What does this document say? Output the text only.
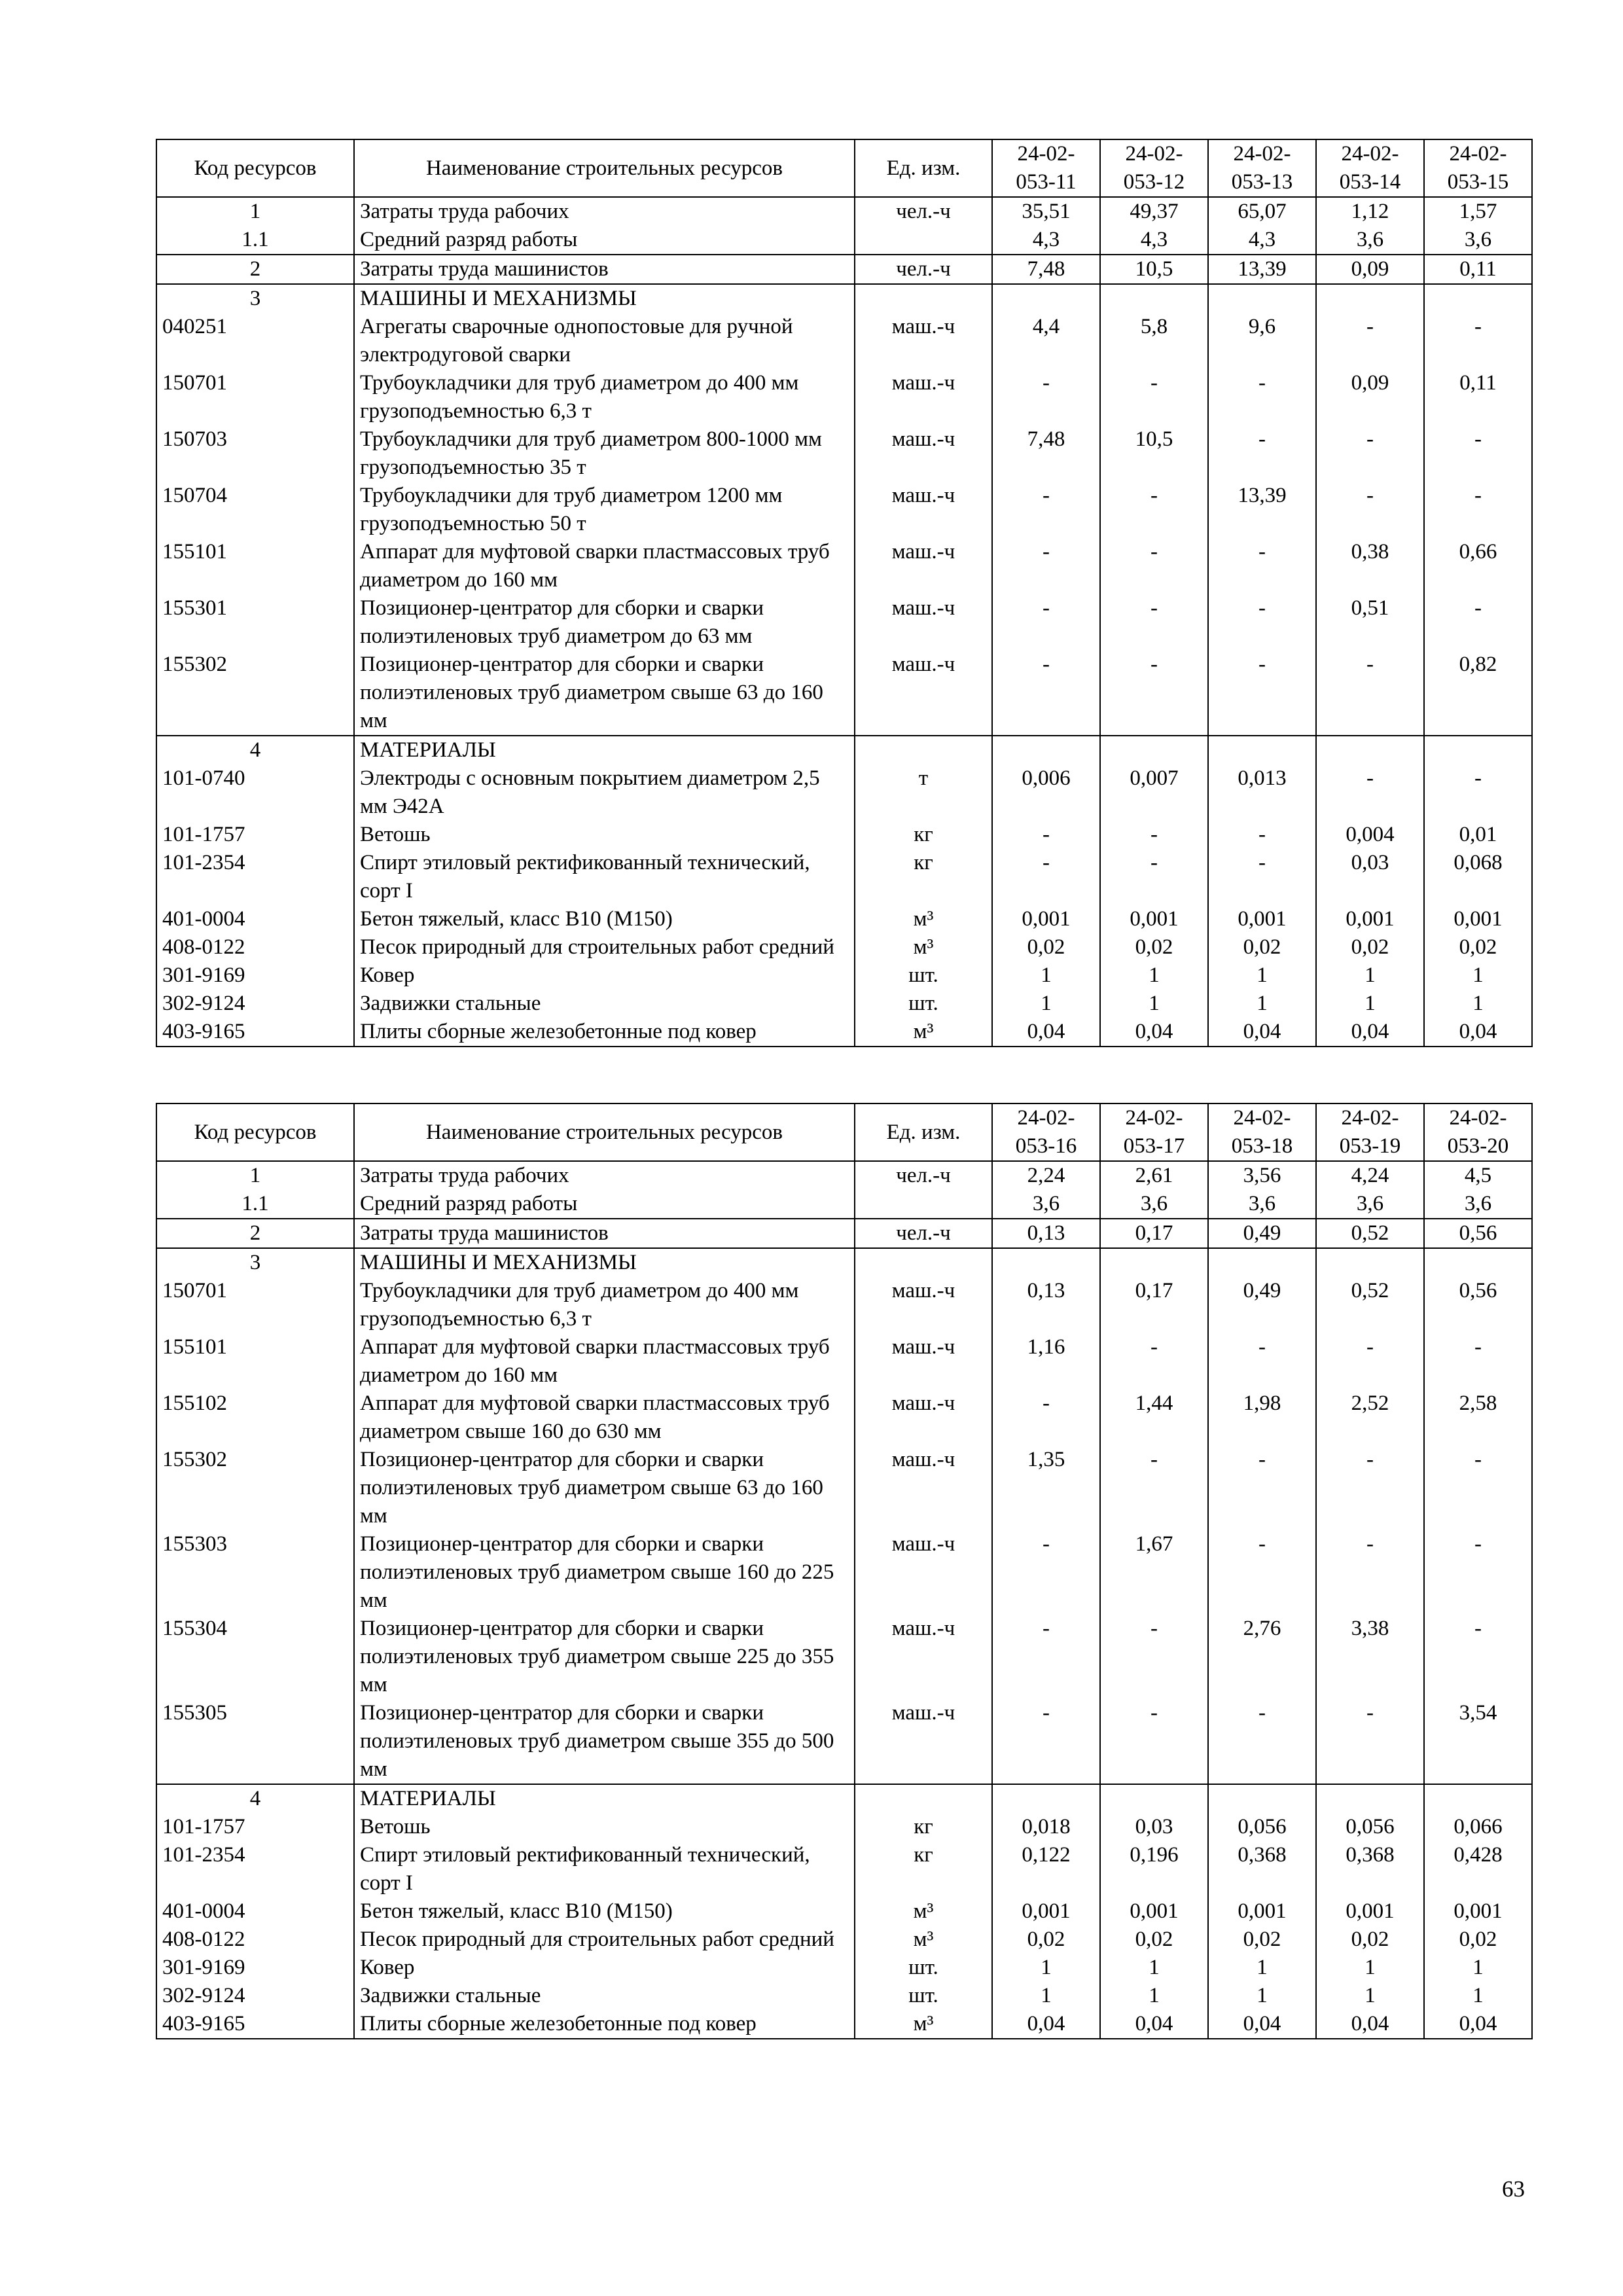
Код ресурсов	Наименование строительных ресурсов	Ед. изм.	24-02-053-11	24-02-053-12	24-02-053-13	24-02-053-14	24-02-053-15
1	Затраты труда рабочих	чел.-ч	35,51	49,37	65,07	1,12	1,57
1.1	Средний разряд работы		4,3	4,3	4,3	3,6	3,6
2	Затраты труда машинистов	чел.-ч	7,48	10,5	13,39	0,09	0,11
3	МАШИНЫ И МЕХАНИЗМЫ						
040251	Агрегаты сварочные однопостовые для ручной электродуговой сварки	маш.-ч	4,4	5,8	9,6	-	-
150701	Трубоукладчики для труб диаметром до 400 мм грузоподъемностью 6,3 т	маш.-ч	-	-	-	0,09	0,11
150703	Трубоукладчики для труб диаметром 800-1000 мм грузоподъемностью 35 т	маш.-ч	7,48	10,5	-	-	-
150704	Трубоукладчики для труб диаметром 1200 мм грузоподъемностью 50 т	маш.-ч	-	-	13,39	-	-
155101	Аппарат для муфтовой сварки пластмассовых труб диаметром до 160 мм	маш.-ч	-	-	-	0,38	0,66
155301	Позиционер-центратор для сборки и сварки полиэтиленовых труб диаметром до 63 мм	маш.-ч	-	-	-	0,51	-
155302	Позиционер-центратор для сборки и сварки полиэтиленовых труб диаметром свыше 63 до 160 мм	маш.-ч	-	-	-	-	0,82
4	МАТЕРИАЛЫ						
101-0740	Электроды с основным покрытием диаметром 2,5 мм Э42А	т	0,006	0,007	0,013	-	-
101-1757	Ветошь	кг	-	-	-	0,004	0,01
101-2354	Спирт этиловый ректификованный технический, сорт I	кг	-	-	-	0,03	0,068
401-0004	Бетон тяжелый, класс В10 (М150)	м³	0,001	0,001	0,001	0,001	0,001
408-0122	Песок природный для строительных работ средний	м³	0,02	0,02	0,02	0,02	0,02
301-9169	Ковер	шт.	1	1	1	1	1
302-9124	Задвижки стальные	шт.	1	1	1	1	1
403-9165	Плиты сборные железобетонные под ковер	м³	0,04	0,04	0,04	0,04	0,04
Код ресурсов	Наименование строительных ресурсов	Ед. изм.	24-02-053-16	24-02-053-17	24-02-053-18	24-02-053-19	24-02-053-20
1	Затраты труда рабочих	чел.-ч	2,24	2,61	3,56	4,24	4,5
1.1	Средний разряд работы		3,6	3,6	3,6	3,6	3,6
2	Затраты труда машинистов	чел.-ч	0,13	0,17	0,49	0,52	0,56
3	МАШИНЫ И МЕХАНИЗМЫ						
150701	Трубоукладчики для труб диаметром до 400 мм грузоподъемностью 6,3 т	маш.-ч	0,13	0,17	0,49	0,52	0,56
155101	Аппарат для муфтовой сварки пластмассовых труб диаметром до 160 мм	маш.-ч	1,16	-	-	-	-
155102	Аппарат для муфтовой сварки пластмассовых труб диаметром свыше 160 до 630 мм	маш.-ч	-	1,44	1,98	2,52	2,58
155302	Позиционер-центратор для сборки и сварки полиэтиленовых труб диаметром свыше 63 до 160 мм	маш.-ч	1,35	-	-	-	-
155303	Позиционер-центратор для сборки и сварки полиэтиленовых труб диаметром свыше 160 до 225 мм	маш.-ч	-	1,67	-	-	-
155304	Позиционер-центратор для сборки и сварки полиэтиленовых труб диаметром свыше 225 до 355 мм	маш.-ч	-	-	2,76	3,38	-
155305	Позиционер-центратор для сборки и сварки полиэтиленовых труб диаметром свыше 355 до 500 мм	маш.-ч	-	-	-	-	3,54
4	МАТЕРИАЛЫ						
101-1757	Ветошь	кг	0,018	0,03	0,056	0,056	0,066
101-2354	Спирт этиловый ректификованный технический, сорт I	кг	0,122	0,196	0,368	0,368	0,428
401-0004	Бетон тяжелый, класс В10 (М150)	м³	0,001	0,001	0,001	0,001	0,001
408-0122	Песок природный для строительных работ средний	м³	0,02	0,02	0,02	0,02	0,02
301-9169	Ковер	шт.	1	1	1	1	1
302-9124	Задвижки стальные	шт.	1	1	1	1	1
403-9165	Плиты сборные железобетонные под ковер	м³	0,04	0,04	0,04	0,04	0,04
63
